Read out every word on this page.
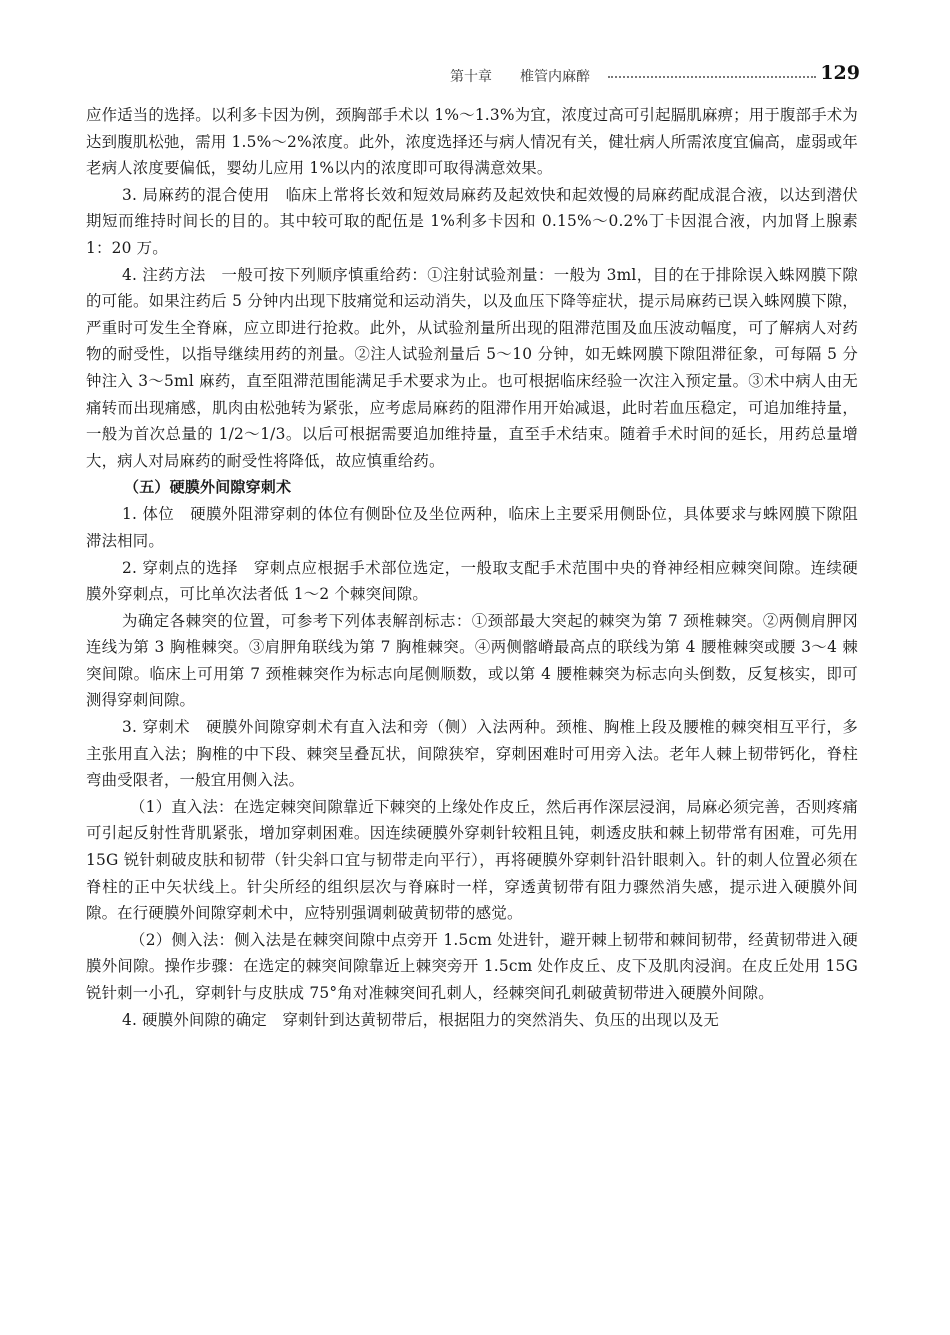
第十章 椎管内麻醉	129

应作适当的选择。以利多卡因为例，颈胸部手术以 1%～1.3%为宜，浓度过高可引起膈肌麻痹；用于腹部手术为达到腹肌松弛，需用 1.5%～2%浓度。此外，浓度选择还与病人情况有关，健壮病人所需浓度宜偏高，虚弱或年老病人浓度要偏低，婴幼儿应用 1%以内的浓度即可取得满意效果。

3. 局麻药的混合使用　临床上常将长效和短效局麻药及起效快和起效慢的局麻药配成混合液，以达到潜伏期短而维持时间长的目的。其中较可取的配伍是 1%利多卡因和 0.15%～0.2%丁卡因混合液，内加肾上腺素 1：20 万。

4. 注药方法　一般可按下列顺序慎重给药：①注射试验剂量：一般为 3ml，目的在于排除误入蛛网膜下隙的可能。如果注药后 5 分钟内出现下肢痛觉和运动消失，以及血压下降等症状，提示局麻药已误入蛛网膜下隙，严重时可发生全脊麻，应立即进行抢救。此外，从试验剂量所出现的阻滞范围及血压波动幅度，可了解病人对药物的耐受性，以指导继续用药的剂量。②注人试验剂量后 5～10 分钟，如无蛛网膜下隙阻滞征象，可每隔 5 分钟注入 3～5ml 麻药，直至阻滞范围能满足手术要求为止。也可根据临床经验一次注入预定量。③术中病人由无痛转而出现痛感，肌肉由松弛转为紧张，应考虑局麻药的阻滞作用开始减退，此时若血压稳定，可追加维持量，一般为首次总量的 1/2～1/3。以后可根据需要追加维持量，直至手术结束。随着手术时间的延长，用药总量增大，病人对局麻药的耐受性将降低，故应慎重给药。

（五）硬膜外间隙穿刺术

1. 体位　硬膜外阻滞穿刺的体位有侧卧位及坐位两种，临床上主要采用侧卧位，具体要求与蛛网膜下隙阻滞法相同。

2. 穿刺点的选择　穿刺点应根据手术部位选定，一般取支配手术范围中央的脊神经相应棘突间隙。连续硬膜外穿刺点，可比单次法者低 1～2 个棘突间隙。

为确定各棘突的位置，可参考下列体表解剖标志：①颈部最大突起的棘突为第 7 颈椎棘突。②两侧肩胛冈连线为第 3 胸椎棘突。③肩胛角联线为第 7 胸椎棘突。④两侧髂嵴最高点的联线为第 4 腰椎棘突或腰 3～4 棘突间隙。临床上可用第 7 颈椎棘突作为标志向尾侧顺数，或以第 4 腰椎棘突为标志向头倒数，反复核实，即可测得穿刺间隙。

3. 穿刺术　硬膜外间隙穿刺术有直入法和旁（侧）入法两种。颈椎、胸椎上段及腰椎的棘突相互平行，多主张用直入法；胸椎的中下段、棘突呈叠瓦状，间隙狭窄，穿刺困难时可用旁入法。老年人棘上韧带钙化，脊柱弯曲受限者，一般宜用侧入法。

（1）直入法：在选定棘突间隙靠近下棘突的上缘处作皮丘，然后再作深层浸润，局麻必须完善，否则疼痛可引起反射性背肌紧张，增加穿刺困难。因连续硬膜外穿刺针较粗且钝，刺透皮肤和棘上韧带常有困难，可先用 15G 锐针刺破皮肤和韧带（针尖斜口宜与韧带走向平行），再将硬膜外穿刺针沿针眼刺入。针的刺人位置必须在脊柱的正中矢状线上。针尖所经的组织层次与脊麻时一样，穿透黄韧带有阻力骤然消失感，提示进入硬膜外间隙。在行硬膜外间隙穿刺术中，应特别强调刺破黄韧带的感觉。

（2）侧入法：侧入法是在棘突间隙中点旁开 1.5cm 处进针，避开棘上韧带和棘间韧带，经黄韧带进入硬膜外间隙。操作步骤：在选定的棘突间隙靠近上棘突旁开 1.5cm 处作皮丘、皮下及肌肉浸润。在皮丘处用 15G 锐针刺一小孔，穿刺针与皮肤成 75°角对准棘突间孔刺人，经棘突间孔刺破黄韧带进入硬膜外间隙。

4. 硬膜外间隙的确定　穿刺针到达黄韧带后，根据阻力的突然消失、负压的出现以及无
